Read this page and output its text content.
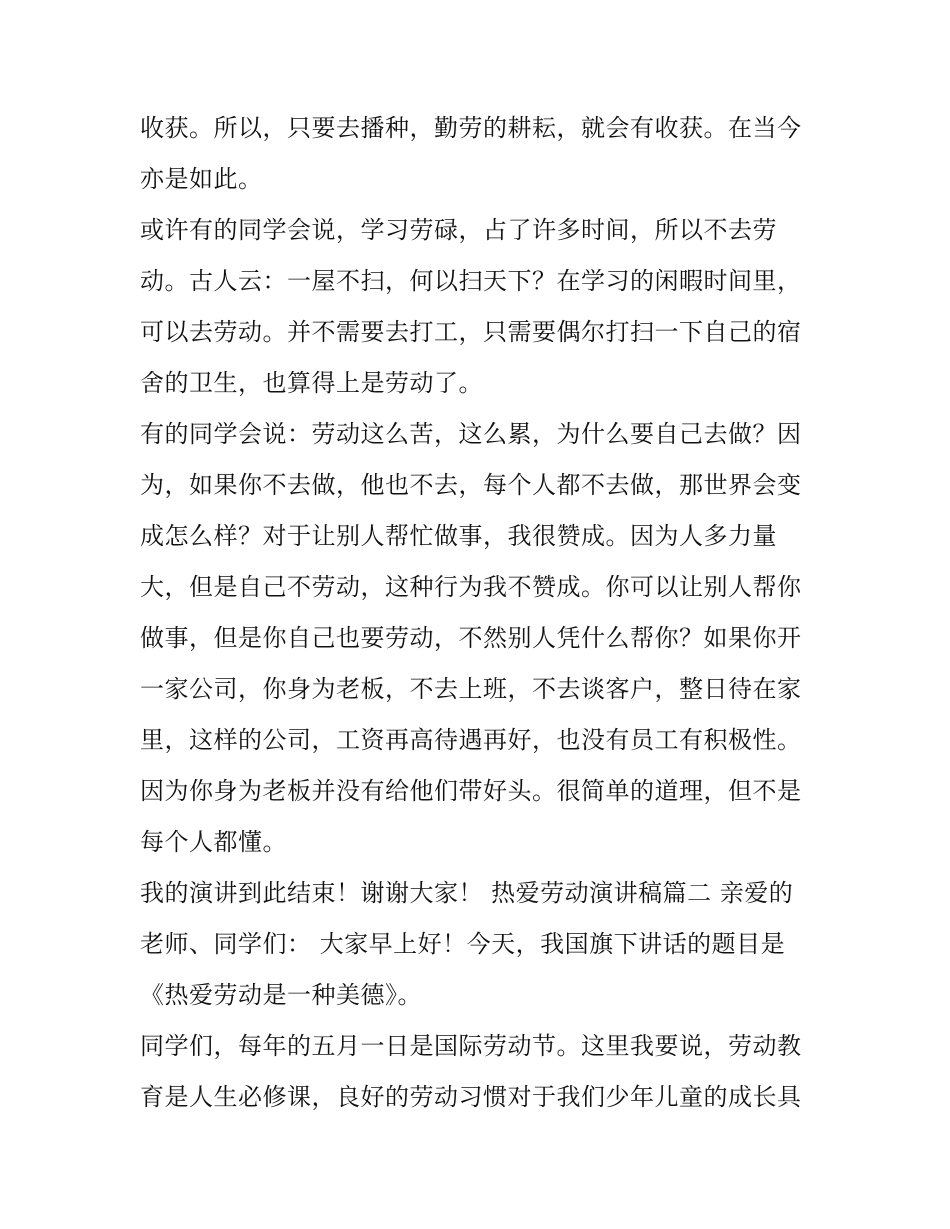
收获。所以，只要去播种，勤劳的耕耘，就会有收获。在当今
亦是如此。
或许有的同学会说，学习劳碌，占了许多时间，所以不去劳
动。古人云：一屋不扫，何以扫天下？在学习的闲暇时间里，
可以去劳动。并不需要去打工，只需要偶尔打扫一下自己的宿
舍的卫生，也算得上是劳动了。
有的同学会说：劳动这么苦，这么累，为什么要自己去做？因
为，如果你不去做，他也不去，每个人都不去做，那世界会变
成怎么样？对于让别人帮忙做事，我很赞成。因为人多力量
大，但是自己不劳动，这种行为我不赞成。你可以让别人帮你
做事，但是你自己也要劳动，不然别人凭什么帮你？如果你开
一家公司，你身为老板，不去上班，不去谈客户，整日待在家
里，这样的公司，工资再高待遇再好，也没有员工有积极性。
因为你身为老板并没有给他们带好头。很简单的道理，但不是
每个人都懂。
我的演讲到此结束！谢谢大家！ 热爱劳动演讲稿篇二 亲爱的
老师、同学们： 大家早上好！今天，我国旗下讲话的题目是
《热爱劳动是一种美德》。
同学们，每年的五月一日是国际劳动节。这里我要说，劳动教
育是人生必修课，良好的劳动习惯对于我们少年儿童的成长具
